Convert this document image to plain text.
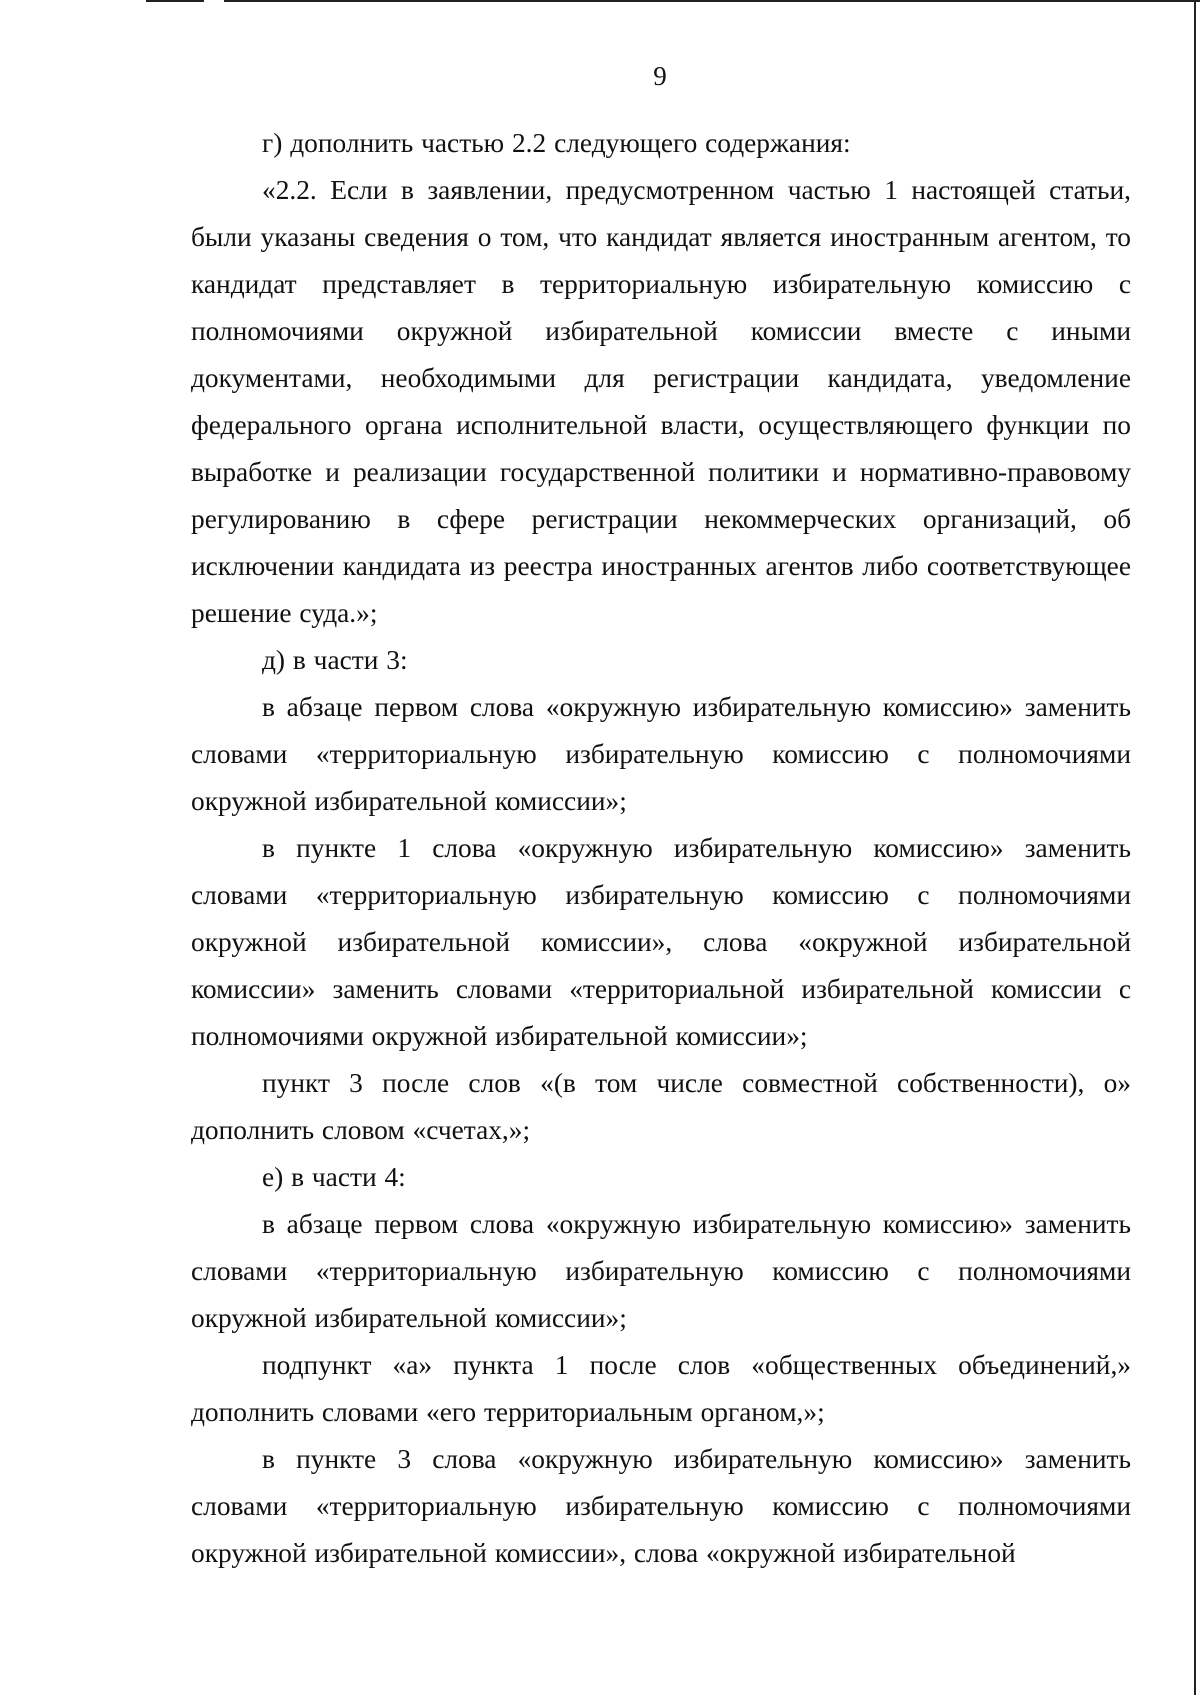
9

г) дополнить частью 2.2 следующего содержания:

«2.2. Если в заявлении, предусмотренном частью 1 настоящей статьи, были указаны сведения о том, что кандидат является иностранным агентом, то кандидат представляет в территориальную избирательную комиссию с полномочиями окружной избирательной комиссии вместе с иными документами, необходимыми для регистрации кандидата, уведомление федерального органа исполнительной власти, осуществляющего функции по выработке и реализации государственной политики и нормативно-правовому регулированию в сфере регистрации некоммерческих организаций, об исключении кандидата из реестра иностранных агентов либо соответствующее решение суда.»;

д) в части 3:

в абзаце первом слова «окружную избирательную комиссию» заменить словами «территориальную избирательную комиссию с полномочиями окружной избирательной комиссии»;

в пункте 1 слова «окружную избирательную комиссию» заменить словами «территориальную избирательную комиссию с полномочиями окружной избирательной комиссии», слова «окружной избирательной комиссии» заменить словами «территориальной избирательной комиссии с полномочиями окружной избирательной комиссии»;

пункт 3 после слов «(в том числе совместной собственности), о» дополнить словом «счетах,»;

е) в части 4:

в абзаце первом слова «окружную избирательную комиссию» заменить словами «территориальную избирательную комиссию с полномочиями окружной избирательной комиссии»;

подпункт «а» пункта 1 после слов «общественных объединений,» дополнить словами «его территориальным органом,»;

в пункте 3 слова «окружную избирательную комиссию» заменить словами «территориальную избирательную комиссию с полномочиями окружной избирательной комиссии», слова «окружной избирательной
